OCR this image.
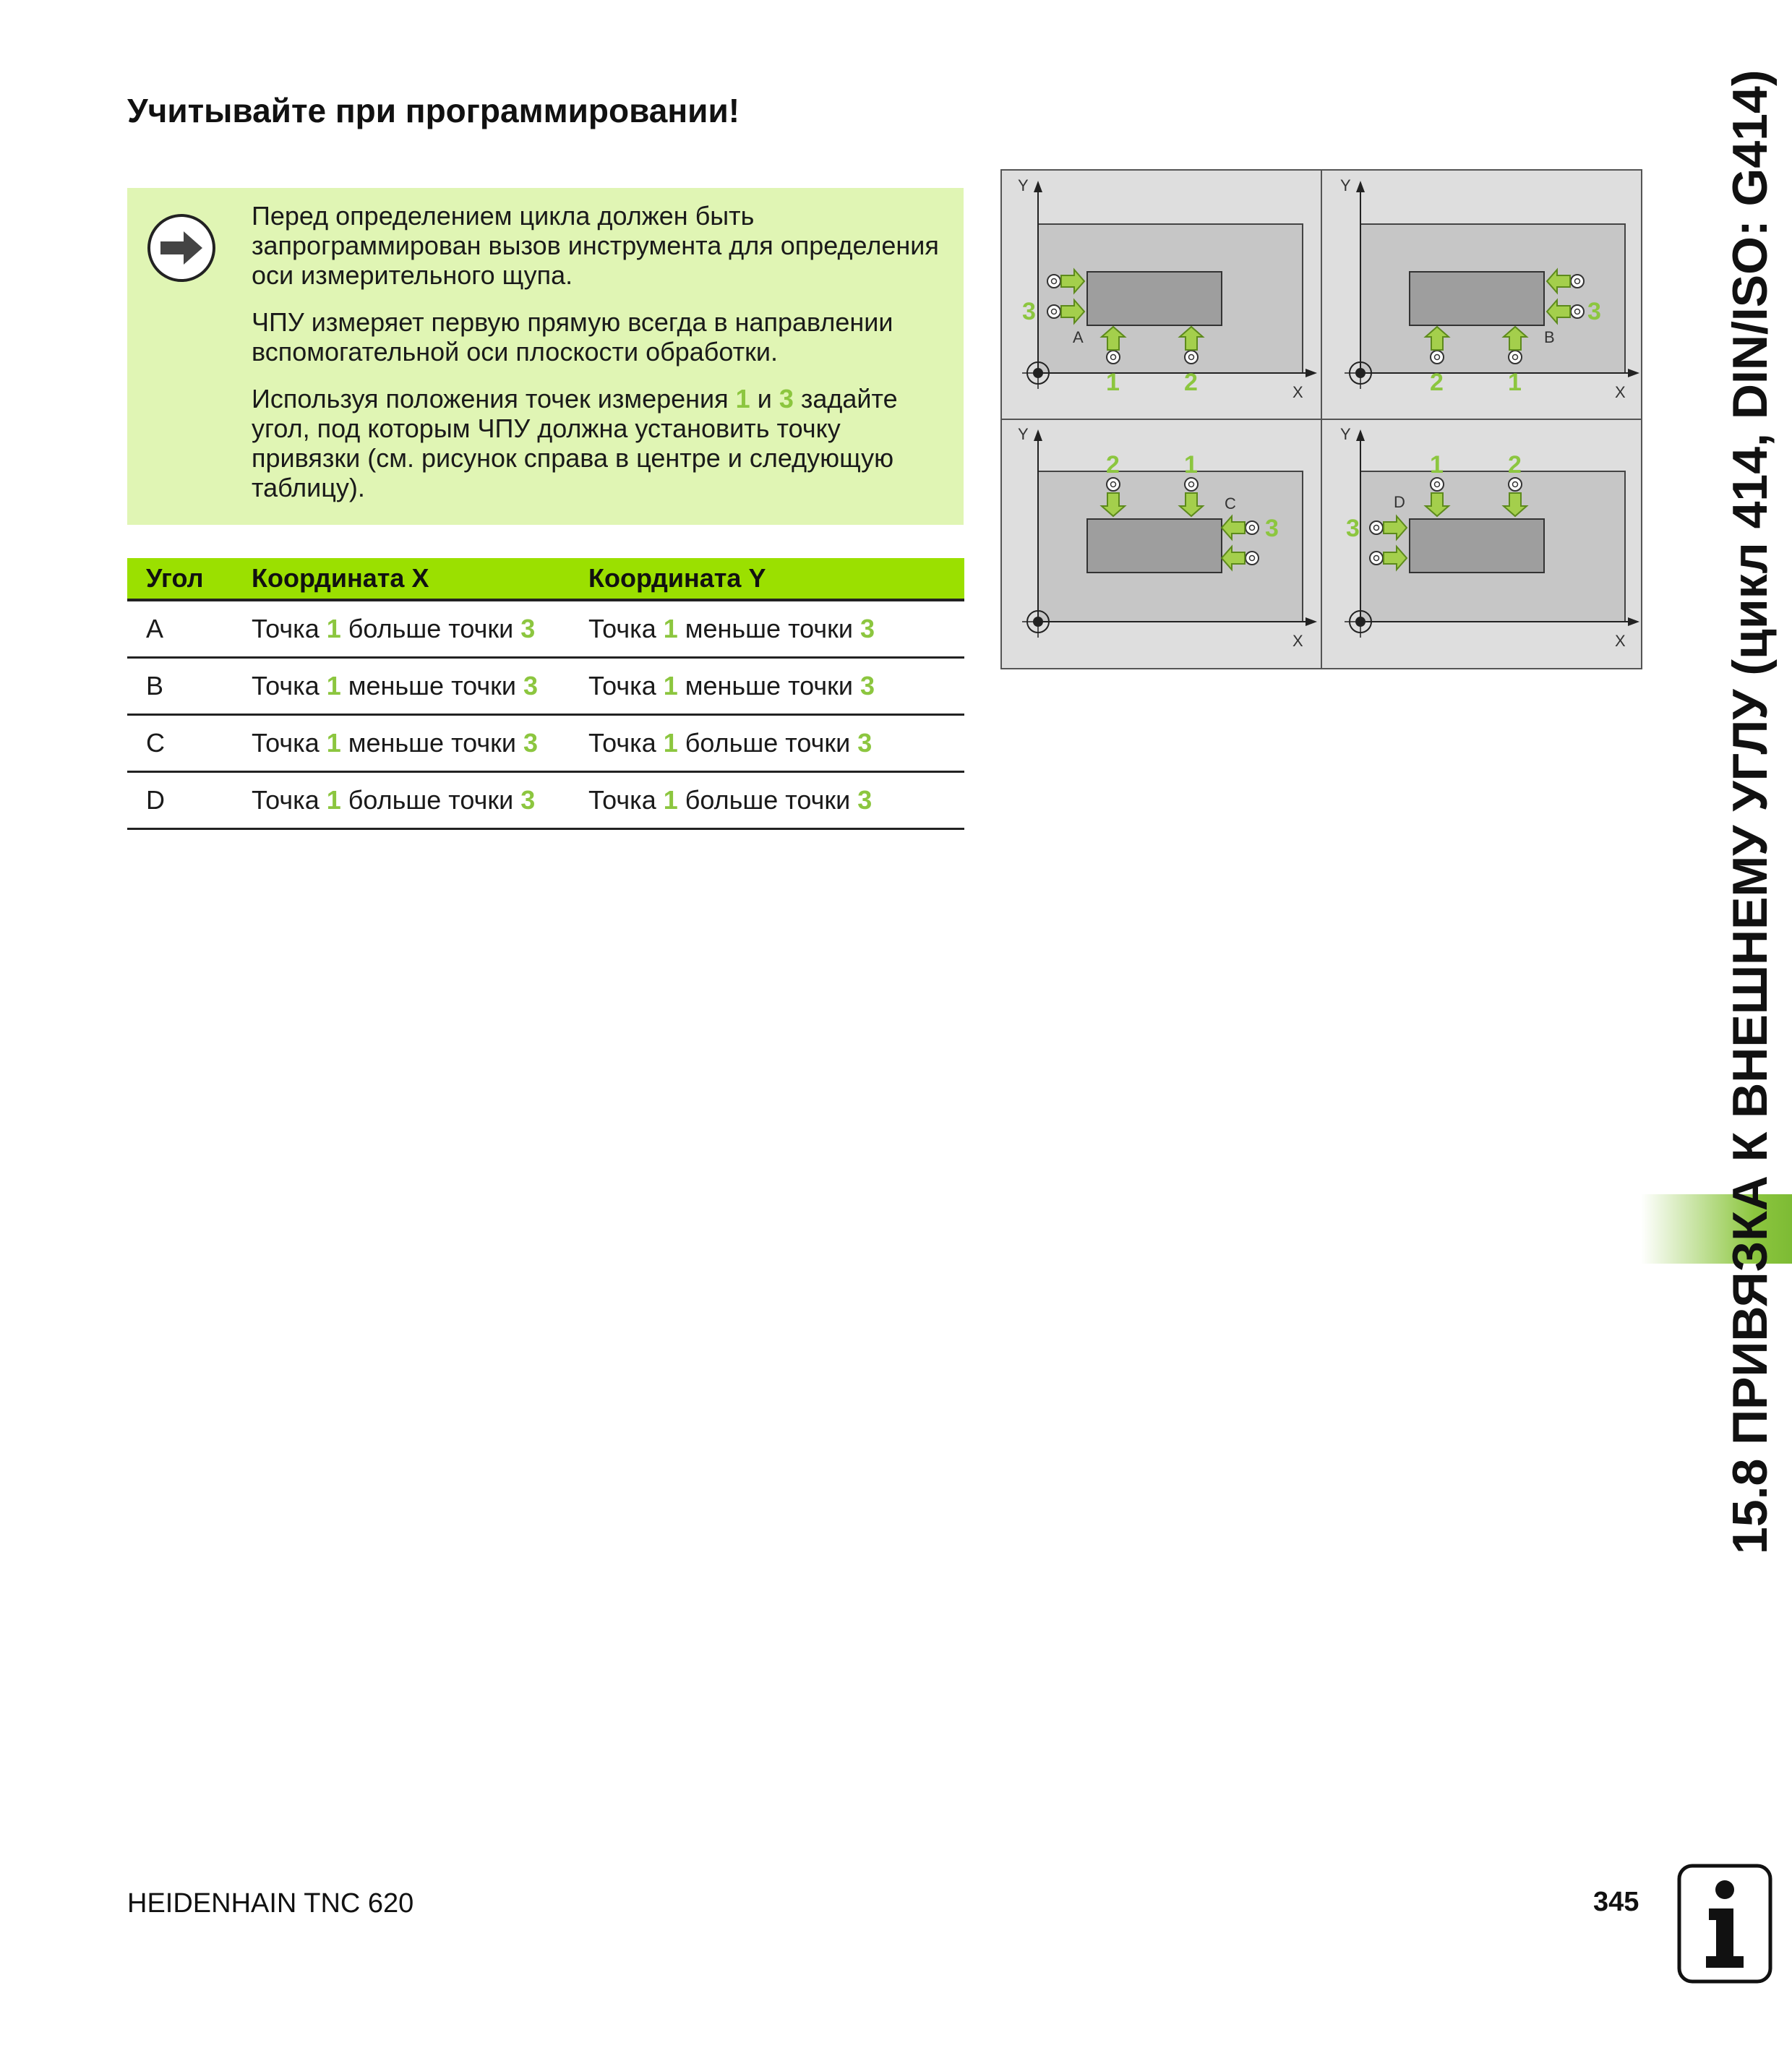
Учитывайте при программировании!

Перед определением цикла должен быть запрограммирован вызов инструмента для определения оси измерительного щупа.

ЧПУ измеряет первую прямую всегда в направлении вспомогательной оси плоскости обработки.

Используя положения точек измерения 1 и 3 задайте угол, под которым ЧПУ должна установить точку привязки (см. рисунок справа в центре и следующую таблицу).

Угол	Координата X	Координата Y
A	Точка 1 больше точки 3	Точка 1 меньше точки 3
B	Точка 1 меньше точки 3	Точка 1 меньше точки 3
C	Точка 1 меньше точки 3	Точка 1 больше точки 3
D	Точка 1 больше точки 3	Точка 1 больше точки 3
Y
X
A
3
1	2
Y
X
B
3
2	1
Y
X
C
2	1
3
Y
X
D
1	2
3	15.8 ПРИВЯЗКА К ВНЕШНЕМУ УГЛУ (цикл 414, DIN/ISO: G414)
HEIDENHAIN TNC 620	345
